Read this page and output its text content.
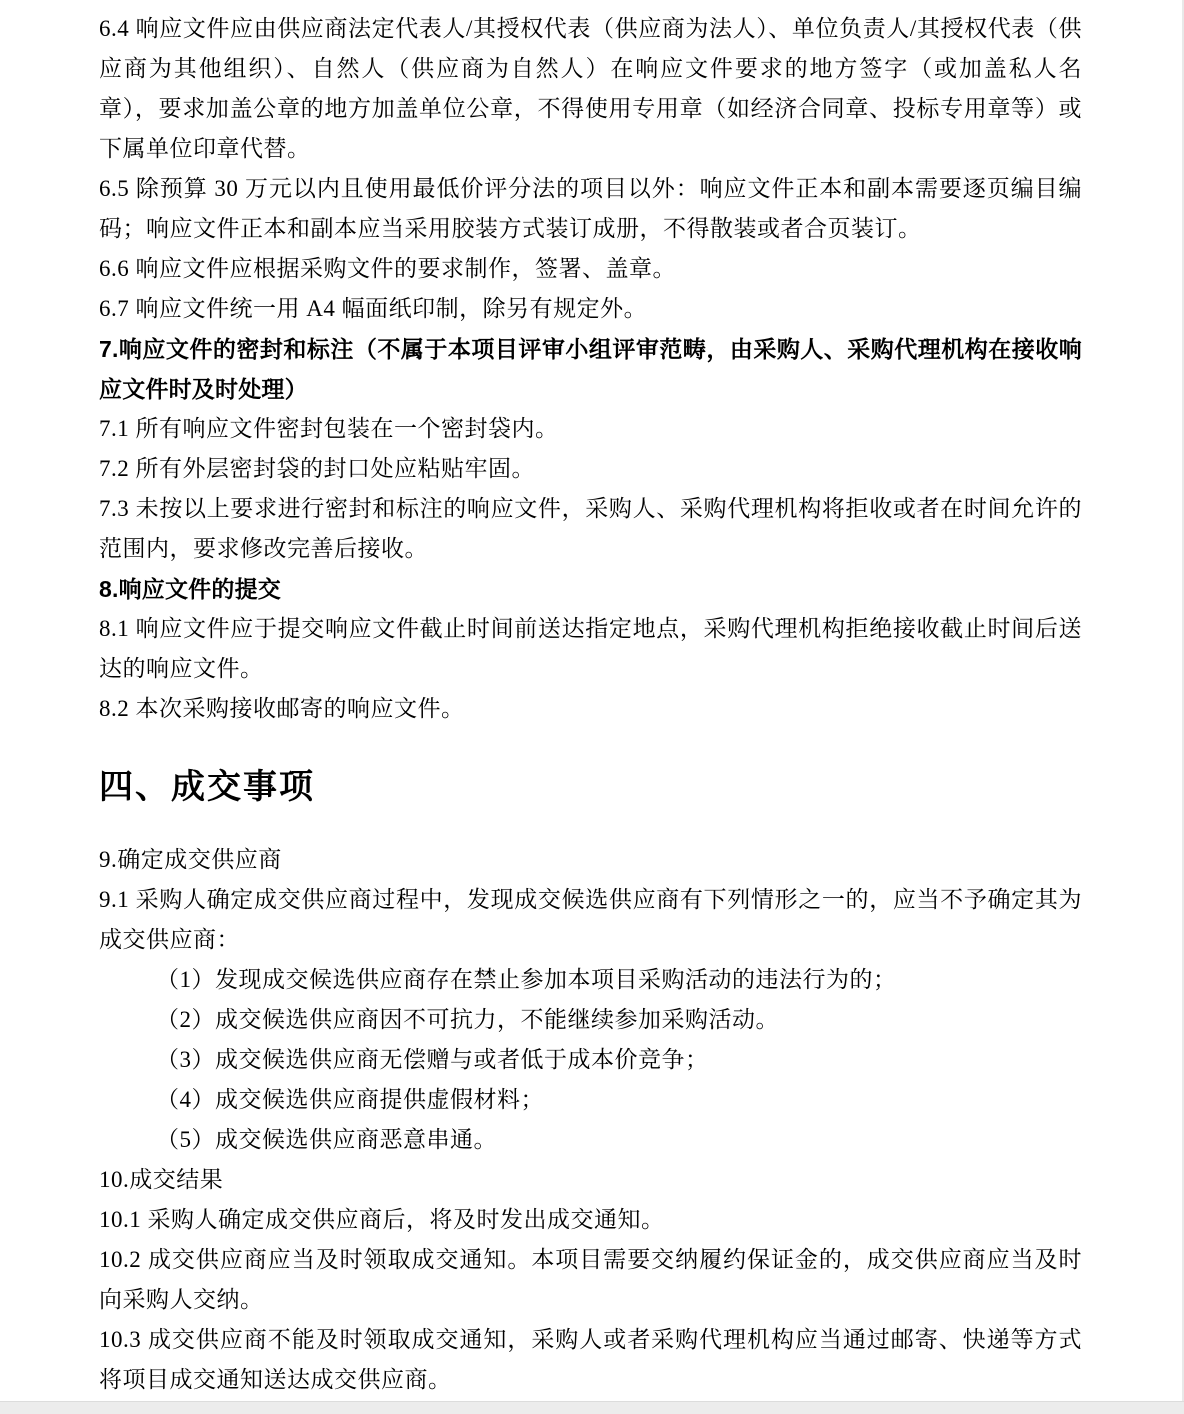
6.4 响应文件应由供应商法定代表人/其授权代表（供应商为法人）、单位负责人/其授权代表（供应商为其他组织）、自然人（供应商为自然人）在响应文件要求的地方签字（或加盖私人名章），要求加盖公章的地方加盖单位公章，不得使用专用章（如经济合同章、投标专用章等）或下属单位印章代替。

6.5 除预算 30 万元以内且使用最低价评分法的项目以外：响应文件正本和副本需要逐页编目编码；响应文件正本和副本应当采用胶装方式装订成册，不得散装或者合页装订。

6.6 响应文件应根据采购文件的要求制作，签署、盖章。

6.7 响应文件统一用 A4 幅面纸印制，除另有规定外。

7.响应文件的密封和标注（不属于本项目评审小组评审范畴，由采购人、采购代理机构在接收响应文件时及时处理）

7.1 所有响应文件密封包装在一个密封袋内。

7.2 所有外层密封袋的封口处应粘贴牢固。

7.3 未按以上要求进行密封和标注的响应文件，采购人、采购代理机构将拒收或者在时间允许的范围内，要求修改完善后接收。

8.响应文件的提交

8.1 响应文件应于提交响应文件截止时间前送达指定地点，采购代理机构拒绝接收截止时间后送达的响应文件。

8.2 本次采购接收邮寄的响应文件。

四、成交事项

9.确定成交供应商

9.1 采购人确定成交供应商过程中，发现成交候选供应商有下列情形之一的，应当不予确定其为成交供应商：

（1）发现成交候选供应商存在禁止参加本项目采购活动的违法行为的；

（2）成交候选供应商因不可抗力，不能继续参加采购活动。

（3）成交候选供应商无偿赠与或者低于成本价竞争；

（4）成交候选供应商提供虚假材料；

（5）成交候选供应商恶意串通。

10.成交结果

10.1 采购人确定成交供应商后，将及时发出成交通知。

10.2 成交供应商应当及时领取成交通知。本项目需要交纳履约保证金的，成交供应商应当及时向采购人交纳。

10.3 成交供应商不能及时领取成交通知，采购人或者采购代理机构应当通过邮寄、快递等方式将项目成交通知送达成交供应商。
